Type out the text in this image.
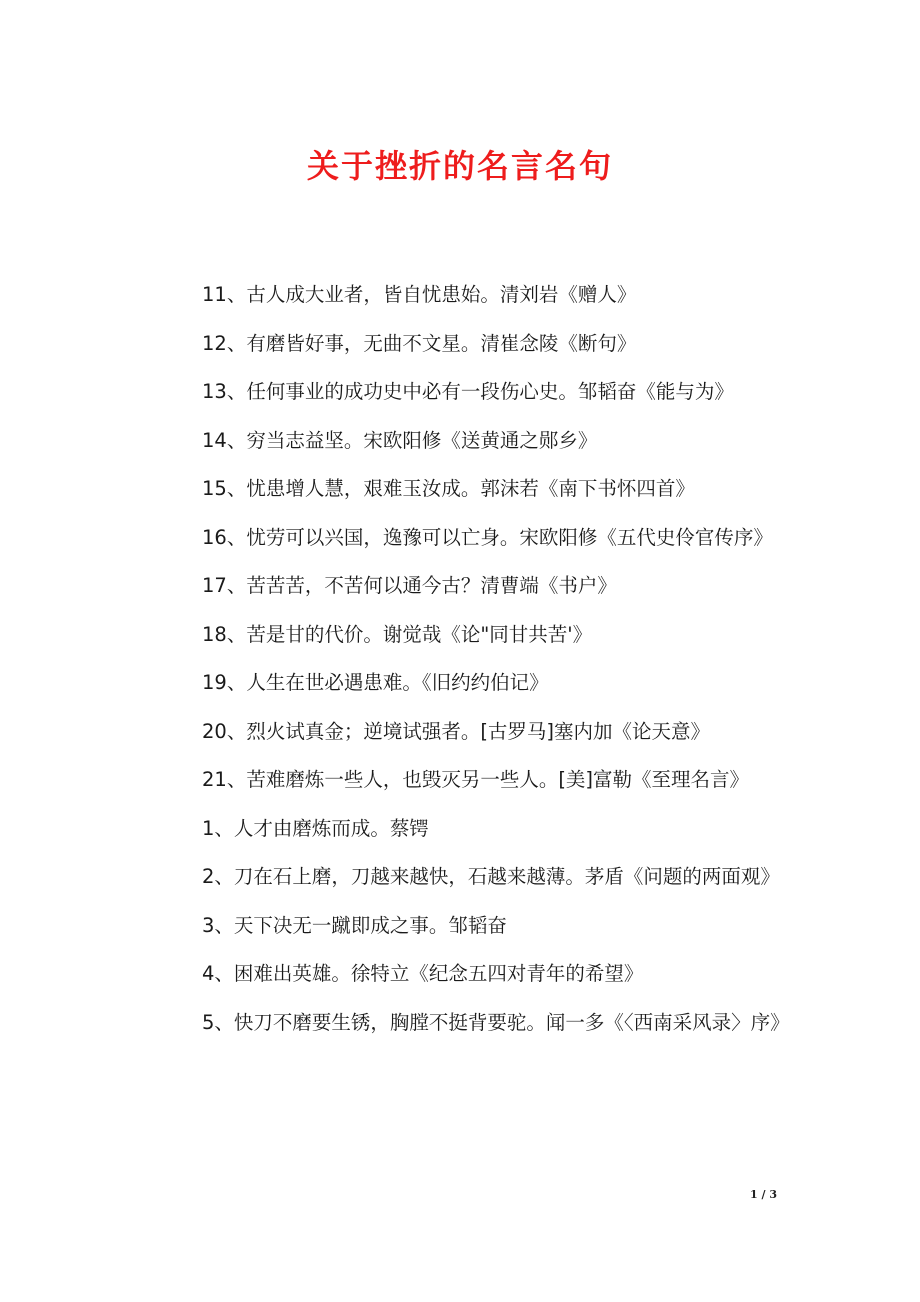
关于挫折的名言名句

11、古人成大业者，皆自忧患始。清刘岩《赠人》

12、有磨皆好事，无曲不文星。清崔念陵《断句》

13、任何事业的成功史中必有一段伤心史。邹韬奋《能与为》

14、穷当志益坚。宋欧阳修《送黄通之郧乡》

15、忧患增人慧，艰难玉汝成。郭沫若《南下书怀四首》

16、忧劳可以兴国，逸豫可以亡身。宋欧阳修《五代史伶官传序》

17、苦苦苦，不苦何以通今古？清曹端《书户》

18、苦是甘的代价。谢觉哉《论"同甘共苦'》

19、人生在世必遇患难。《旧约约伯记》

20、烈火试真金；逆境试强者。[古罗马]塞内加《论天意》

21、苦难磨炼一些人，也毁灭另一些人。[美]富勒《至理名言》

1、人才由磨炼而成。蔡锷

2、刀在石上磨，刀越来越快，石越来越薄。茅盾《问题的两面观》

3、天下决无一蹴即成之事。邹韬奋

4、困难出英雄。徐特立《纪念五四对青年的希望》

5、快刀不磨要生锈，胸膛不挺背要驼。闻一多《〈西南采风录〉序》

1 / 3
